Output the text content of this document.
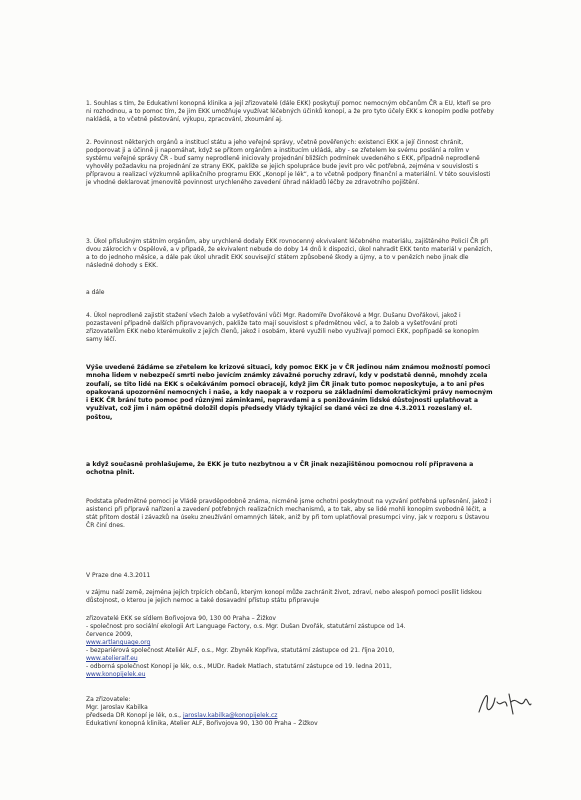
1. Souhlas s tím, že Edukativní konopná klinika a její zřizovatelé (dále EKK) poskytují pomoc nemocným občanům ČR a EU, kteří se pro ni rozhodnou, a to pomoc tím, že jim EKK umožňuje využívat léčebných účinků konopí, a že pro tyto účely EKK s konopím podle potřeby nakládá, a to včetně pěstování, výkupu, zpracování, zkoumání aj.

2. Povinnost některých orgánů a institucí státu a jeho veřejné správy, včetně pověřených: existenci EKK a její činnost chránit, podporovat ji a účinně ji napomáhat, když se přitom orgánům a institucím ukládá, aby - se zřetelem ke svému poslání a rolím v systému veřejné správy ČR - buď samy neprodleně iniciovaly projednání bližších podmínek uvedeného s EKK, případně neprodleně vyhověly požadavku na projednání ze strany EKK, pakliže se jejich spolupráce bude jevit pro věc potřebná, zejména v souvislosti s přípravou a realizací výzkumně aplikačního programu EKK „Konopí je lék“, a to včetně podpory finanční a materiální. V této souvislosti je vhodné deklarovat jmenovitě povinnost urychleného zavedení úhrad nákladů léčby ze zdravotního pojištění.

3. Úkol příslušným státním orgánům, aby urychleně dodaly EKK rovnocenný ekvivalent léčebného materiálu, zajištěného Policií ČR při dvou zákrocích v Ospělově, a v případě, že ekvivalent nebude do doby 14 dnů k dispozici, úkol nahradit EKK tento materiál v penězích, a to do jednoho měsíce, a dále pak úkol uhradit EKK související státem způsobené škody a újmy, a to v penězích nebo jinak dle následné dohody s EKK.

a dále

4. Úkol neprodleně zajistit stažení všech žalob a vyšetřování vůči Mgr. Radomíře Dvořákové a Mgr. Dušanu Dvořákovi, jakož i pozastavení případně dalších připravovaných, pakliže tato mají souvislost s předmětnou věcí, a to žalob a vyšetřování proti zřizovatelům EKK nebo kterémukoliv z jejích členů, jakož i osobám, které využili nebo využívají pomoci EKK, popřípadě se konopím samy léčí.

Výše uvedené žádáme se zřetelem ke krizové situaci, kdy pomoc EKK je v ČR jedinou nám známou možností pomoci mnoha lidem v nebezpečí smrti nebo jevícím známky závažné poruchy zdraví, kdy v podstatě denně, mnohdy zcela zoufalí, se tito lidé na EKK s očekáváním pomoci obracejí, když jim ČR jinak tuto pomoc neposkytuje, a to ani přes opakovaná upozornění nemocných i naše, a kdy naopak a v rozporu se základními demokratickými právy nemocným i EKK ČR brání tuto pomoc pod různými záminkami, nepravdami a s ponižováním lidské důstojnosti uplatňovat a využívat, což jim i nám opětně doložil dopis předsedy Vlády týkající se dané věci ze dne 4.3.2011 rozeslaný el. poštou,

a když současně prohlašujeme, že EKK je tuto nezbytnou a v ČR jinak nezajištěnou pomocnou rolí připravena a ochotna plnit.

Podstata předmětné pomoci je Vládě pravděpodobně známa, nicméně jsme ochotni poskytnout na vyzvání potřebná upřesnění, jakož i asistenci při přípravě nařízení a zavedení potřebných realizačních mechanismů, a to tak, aby se lidé mohli konopím svobodně léčit, a stát přitom dostál i závazků na úseku zneužívání omamných látek, aniž by při tom uplatňoval presumpci viny, jak v rozporu s Ústavou ČR činí dnes.

V Praze dne 4.3.2011

v zájmu naší země, zejména jejích trpících občanů, kterým konopí může zachránit život, zdraví, nebo alespoň pomoci posílit lidskou důstojnost, o kterou je jejich nemoc a také dosavadní přístup státu připravuje

zřizovatelé EKK se sídlem Bořivojova 90, 130 00 Praha – Žižkov
- společnost pro sociální ekologii Art Language Factory, o.s. Mgr. Dušan Dvořák, statutární zástupce od 14.
července 2009,
www.artlanguage.org
- bezpariérová společnost Ateliér ALF, o.s., Mgr. Zbyněk Kopřiva, statutární zástupce od 21. října 2010,
www.atelieralf.eu
- odborná společnost Konopí je lék, o.s., MUDr. Radek Matlach, statutární zástupce od 19. ledna 2011,
www.konopijelek.eu
Za zřizovatele:
Mgr. Jaroslav Kabilka
předseda DR Konopí je lék, o.s., jaroslav.kabilka@konopijelek.cz
Edukativní konopná klinika, Atelier ALF, Bořivojova 90, 130 00 Praha – Žižkov
